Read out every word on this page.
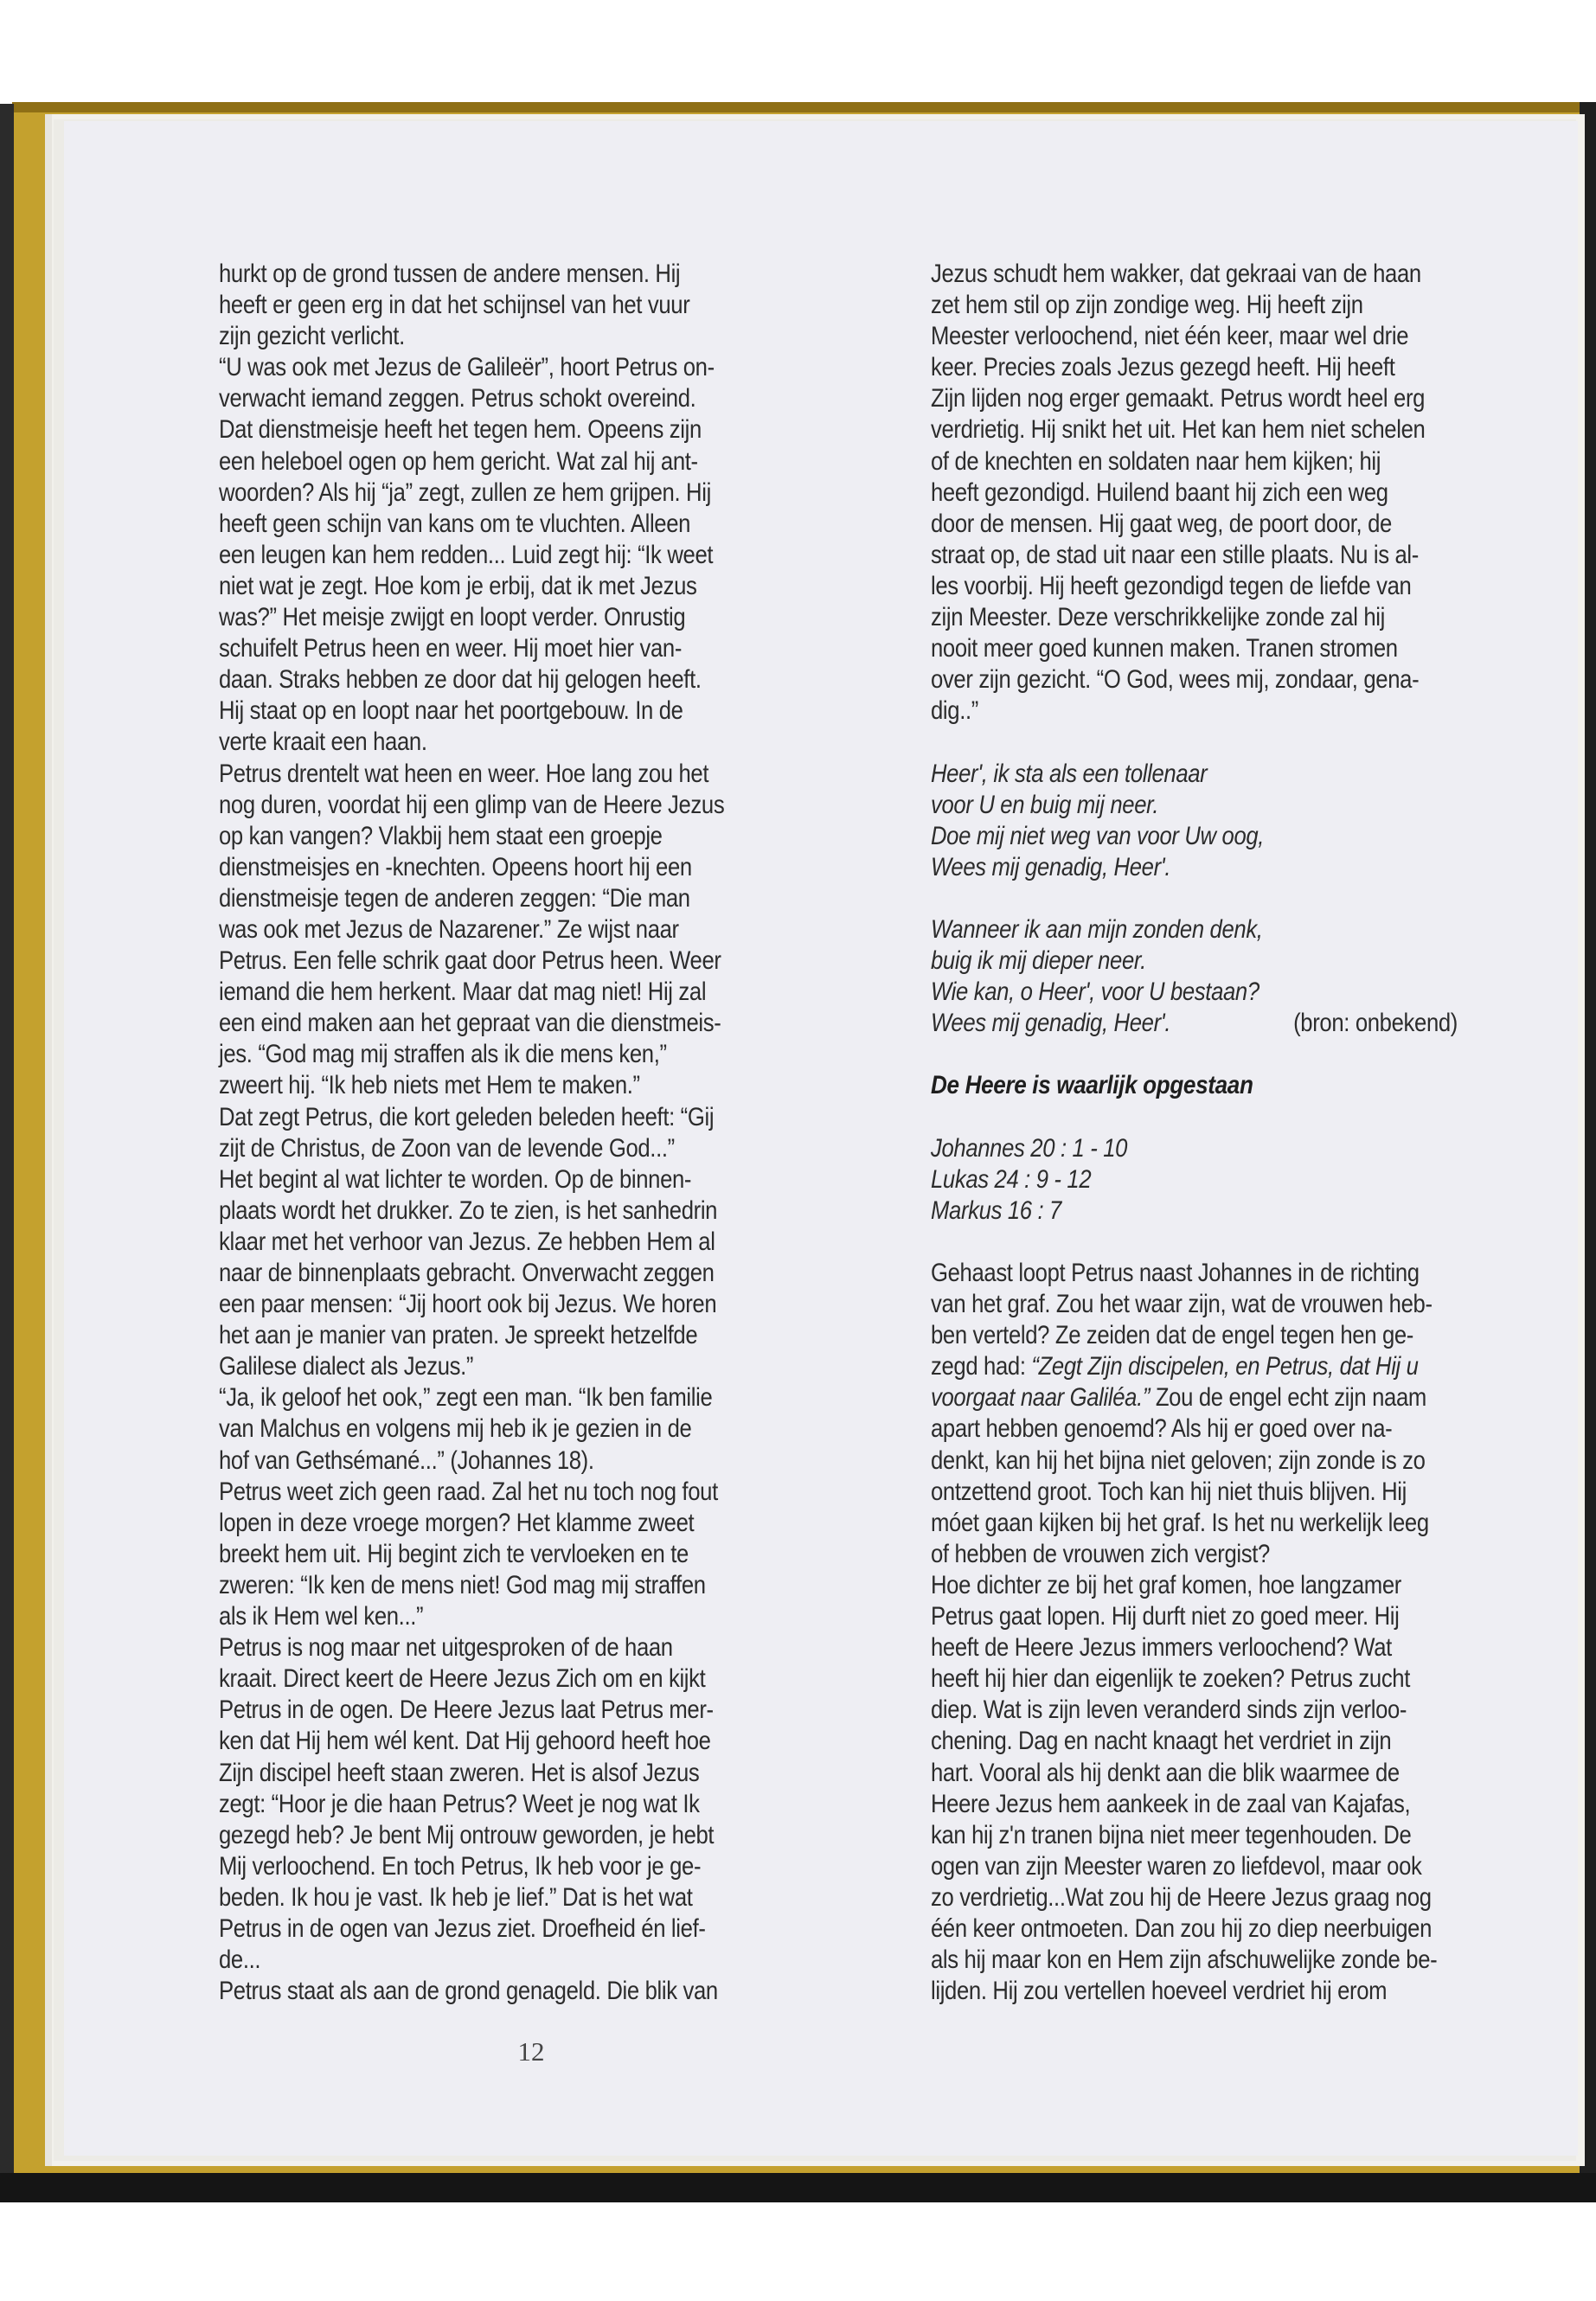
hurkt op de grond tussen de andere mensen. Hij
heeft er geen erg in dat het schijnsel van het vuur
zijn gezicht verlicht.
“U was ook met Jezus de Galileër”, hoort Petrus on-
verwacht iemand zeggen. Petrus schokt overeind.
Dat dienstmeisje heeft het tegen hem. Opeens zijn
een heleboel ogen op hem gericht. Wat zal hij ant-
woorden? Als hij “ja” zegt, zullen ze hem grijpen. Hij
heeft geen schijn van kans om te vluchten. Alleen
een leugen kan hem redden... Luid zegt hij: “Ik weet
niet wat je zegt. Hoe kom je erbij, dat ik met Jezus
was?” Het meisje zwijgt en loopt verder. Onrustig
schuifelt Petrus heen en weer. Hij moet hier van-
daan. Straks hebben ze door dat hij gelogen heeft.
Hij staat op en loopt naar het poortgebouw. In de
verte kraait een haan.
Petrus drentelt wat heen en weer. Hoe lang zou het
nog duren, voordat hij een glimp van de Heere Jezus
op kan vangen? Vlakbij hem staat een groepje
dienstmeisjes en -knechten. Opeens hoort hij een
dienstmeisje tegen de anderen zeggen: “Die man
was ook met Jezus de Nazarener.” Ze wijst naar
Petrus. Een felle schrik gaat door Petrus heen. Weer
iemand die hem herkent. Maar dat mag niet! Hij zal
een eind maken aan het gepraat van die dienstmeis-
jes. “God mag mij straffen als ik die mens ken,”
zweert hij. “Ik heb niets met Hem te maken.”
Dat zegt Petrus, die kort geleden beleden heeft: “Gij
zijt de Christus, de Zoon van de levende God...”
Het begint al wat lichter te worden. Op de binnen-
plaats wordt het drukker. Zo te zien, is het sanhedrin
klaar met het verhoor van Jezus. Ze hebben Hem al
naar de binnenplaats gebracht. Onverwacht zeggen
een paar mensen: “Jij hoort ook bij Jezus. We horen
het aan je manier van praten. Je spreekt hetzelfde
Galilese dialect als Jezus.”
“Ja, ik geloof het ook,” zegt een man. “Ik ben familie
van Malchus en volgens mij heb ik je gezien in de
hof van Gethsémané...” (Johannes 18).
Petrus weet zich geen raad. Zal het nu toch nog fout
lopen in deze vroege morgen? Het klamme zweet
breekt hem uit. Hij begint zich te vervloeken en te
zweren: “Ik ken de mens niet! God mag mij straffen
als ik Hem wel ken...”
Petrus is nog maar net uitgesproken of de haan
kraait. Direct keert de Heere Jezus Zich om en kijkt
Petrus in de ogen. De Heere Jezus laat Petrus mer-
ken dat Hij hem wél kent. Dat Hij gehoord heeft hoe
Zijn discipel heeft staan zweren. Het is alsof Jezus
zegt: “Hoor je die haan Petrus? Weet je nog wat Ik
gezegd heb? Je bent Mij ontrouw geworden, je hebt
Mij verloochend. En toch Petrus, Ik heb voor je ge-
beden. Ik hou je vast. Ik heb je lief.” Dat is het wat
Petrus in de ogen van Jezus ziet. Droefheid én lief-
de...
Petrus staat als aan de grond genageld. Die blik van
Jezus schudt hem wakker, dat gekraai van de haan
zet hem stil op zijn zondige weg. Hij heeft zijn
Meester verloochend, niet één keer, maar wel drie
keer. Precies zoals Jezus gezegd heeft. Hij heeft
Zijn lijden nog erger gemaakt. Petrus wordt heel erg
verdrietig. Hij snikt het uit. Het kan hem niet schelen
of de knechten en soldaten naar hem kijken; hij
heeft gezondigd. Huilend baant hij zich een weg
door de mensen. Hij gaat weg, de poort door, de
straat op, de stad uit naar een stille plaats. Nu is al-
les voorbij. Hij heeft gezondigd tegen de liefde van
zijn Meester. Deze verschrikkelijke zonde zal hij
nooit meer goed kunnen maken. Tranen stromen
over zijn gezicht. “O God, wees mij, zondaar, gena-
dig..”
Heer', ik sta als een tollenaar
voor U en buig mij neer.
Doe mij niet weg van voor Uw oog,
Wees mij genadig, Heer'.
Wanneer ik aan mijn zonden denk,
buig ik mij dieper neer.
Wie kan, o Heer', voor U bestaan?
Wees mij genadig, Heer'.	(bron: onbekend)
De Heere is waarlijk opgestaan
Johannes 20 : 1 - 10
Lukas 24 : 9 - 12
Markus 16 : 7
Gehaast loopt Petrus naast Johannes in de richting
van het graf. Zou het waar zijn, wat de vrouwen heb-
ben verteld? Ze zeiden dat de engel tegen hen ge-
zegd had: “Zegt Zijn discipelen, en Petrus, dat Hij u
voorgaat naar Galiléa.” Zou de engel echt zijn naam
apart hebben genoemd? Als hij er goed over na-
denkt, kan hij het bijna niet geloven; zijn zonde is zo
ontzettend groot. Toch kan hij niet thuis blijven. Hij
móet gaan kijken bij het graf. Is het nu werkelijk leeg
of hebben de vrouwen zich vergist?
Hoe dichter ze bij het graf komen, hoe langzamer
Petrus gaat lopen. Hij durft niet zo goed meer. Hij
heeft de Heere Jezus immers verloochend? Wat
heeft hij hier dan eigenlijk te zoeken? Petrus zucht
diep. Wat is zijn leven veranderd sinds zijn verloo-
chening. Dag en nacht knaagt het verdriet in zijn
hart. Vooral als hij denkt aan die blik waarmee de
Heere Jezus hem aankeek in de zaal van Kajafas,
kan hij z'n tranen bijna niet meer tegenhouden. De
ogen van zijn Meester waren zo liefdevol, maar ook
zo verdrietig...Wat zou hij de Heere Jezus graag nog
één keer ontmoeten. Dan zou hij zo diep neerbuigen
als hij maar kon en Hem zijn afschuwelijke zonde be-
lijden. Hij zou vertellen hoeveel verdriet hij erom
12
